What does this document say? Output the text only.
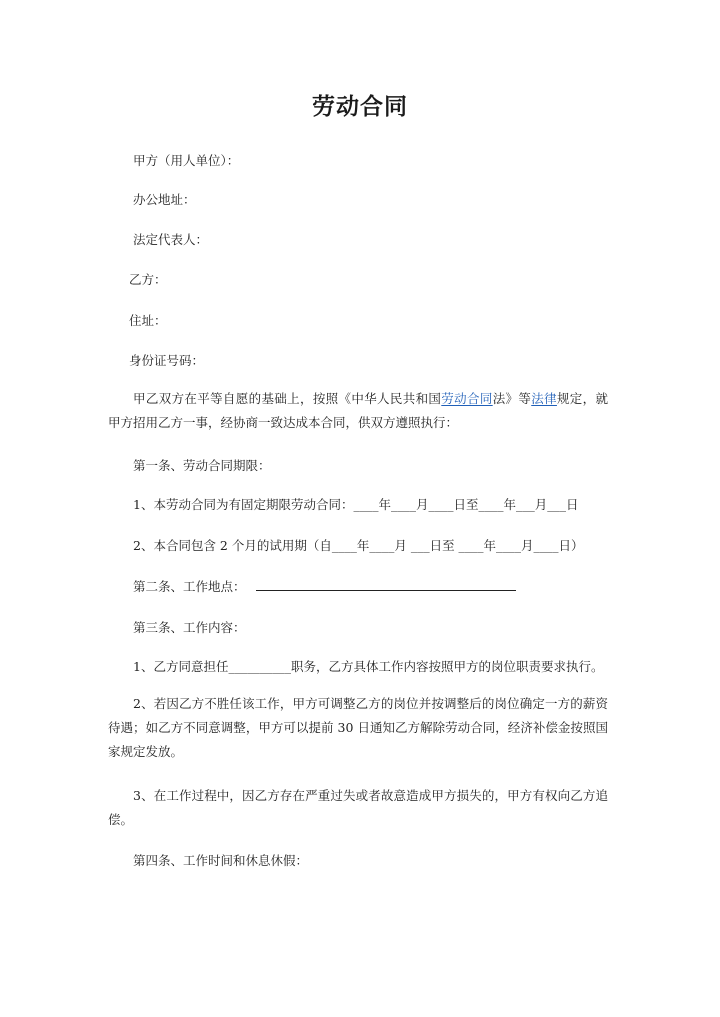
劳动合同
甲方（用人单位）：
办公地址：
法定代表人：
乙方：
住址：
身份证号码：
甲乙双方在平等自愿的基础上，按照《中华人民共和国劳动合同法》等法律规定，就甲方招用乙方一事，经协商一致达成本合同，供双方遵照执行：
第一条、劳动合同期限：
1、本劳动合同为有固定期限劳动合同：____年____月____日至____年___月___日
2、本合同包含 2 个月的试用期（自____年____月 ___日至 ____年____月____日）
第二条、工作地点：
第三条、工作内容：
1、乙方同意担任__________职务，乙方具体工作内容按照甲方的岗位职责要求执行。
2、若因乙方不胜任该工作，甲方可调整乙方的岗位并按调整后的岗位确定一方的薪资待遇；如乙方不同意调整，甲方可以提前 30 日通知乙方解除劳动合同，经济补偿金按照国家规定发放。
3、在工作过程中，因乙方存在严重过失或者故意造成甲方损失的，甲方有权向乙方追偿。
第四条、工作时间和休息休假：
